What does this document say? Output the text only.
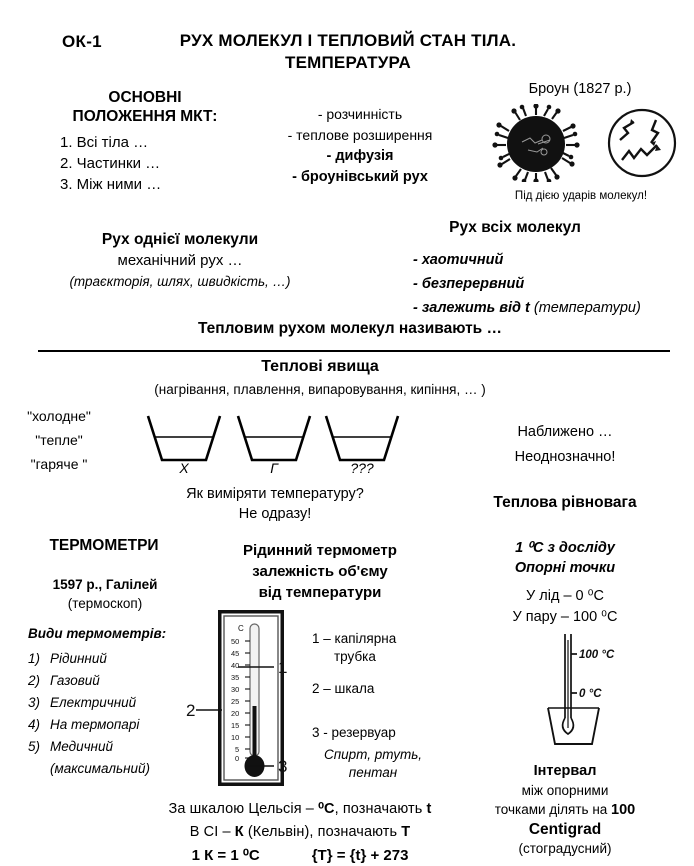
ОК-1	РУХ МОЛЕКУЛ І ТЕПЛОВИЙ СТАН ТІЛА.
ТЕМПЕРАТУРА
ОСНОВНІ
ПОЛОЖЕННЯ МКТ:
1. Всі тіла …
2. Частинки …
3. Між ними …
- розчинність
- теплове розширення
- дифузія
- броунівський рух
Броун (1827 р.)
Під дією ударів молекул!
Рух однієї молекули
механічний рух …
(траєкторія, шлях, швидкість, …)
Рух всіх молекул
- хаотичний
- безперервний
- залежить від t (температури)
Тепловим рухом молекул називають …
Теплові явища
(нагрівання, плавлення, випаровування, кипіння, … )
"холодне"
"тепле"
"гаряче "	Х	Г	???
Як виміряти температуру?
Не одразу!
Наближено …
Неоднозначно!
Теплова рівновага
ТЕРМОМЕТРИ
1597 р., Галілей
(термоскоп)
Види термометрів:
1) Рідинний
2) Газовий
3) Електричний
4) На термопарі
5) Медичний
(максимальний)
Рідинний термометр
залежність об'єму
від температури
C
50
45
40
35
30
25
20
15
10
5
0
1
2
3
1 – капілярна
трубка
2 – шкала
3 - резервуар
Спирт, ртуть,
пентан
1 ⁰С з досліду
Опорні точки
У лід – 0 ⁰С
У пару – 100 ⁰С
100 °C
0 °C
Інтервал
між опорними
точками ділять на 100
Centigrad
(стоградусний)
За шкалою Цельсія – ⁰С, позначають t
В СІ – К (Кельвін), позначають Т
1 К = 1 ⁰С	{Т} = {t} + 273
